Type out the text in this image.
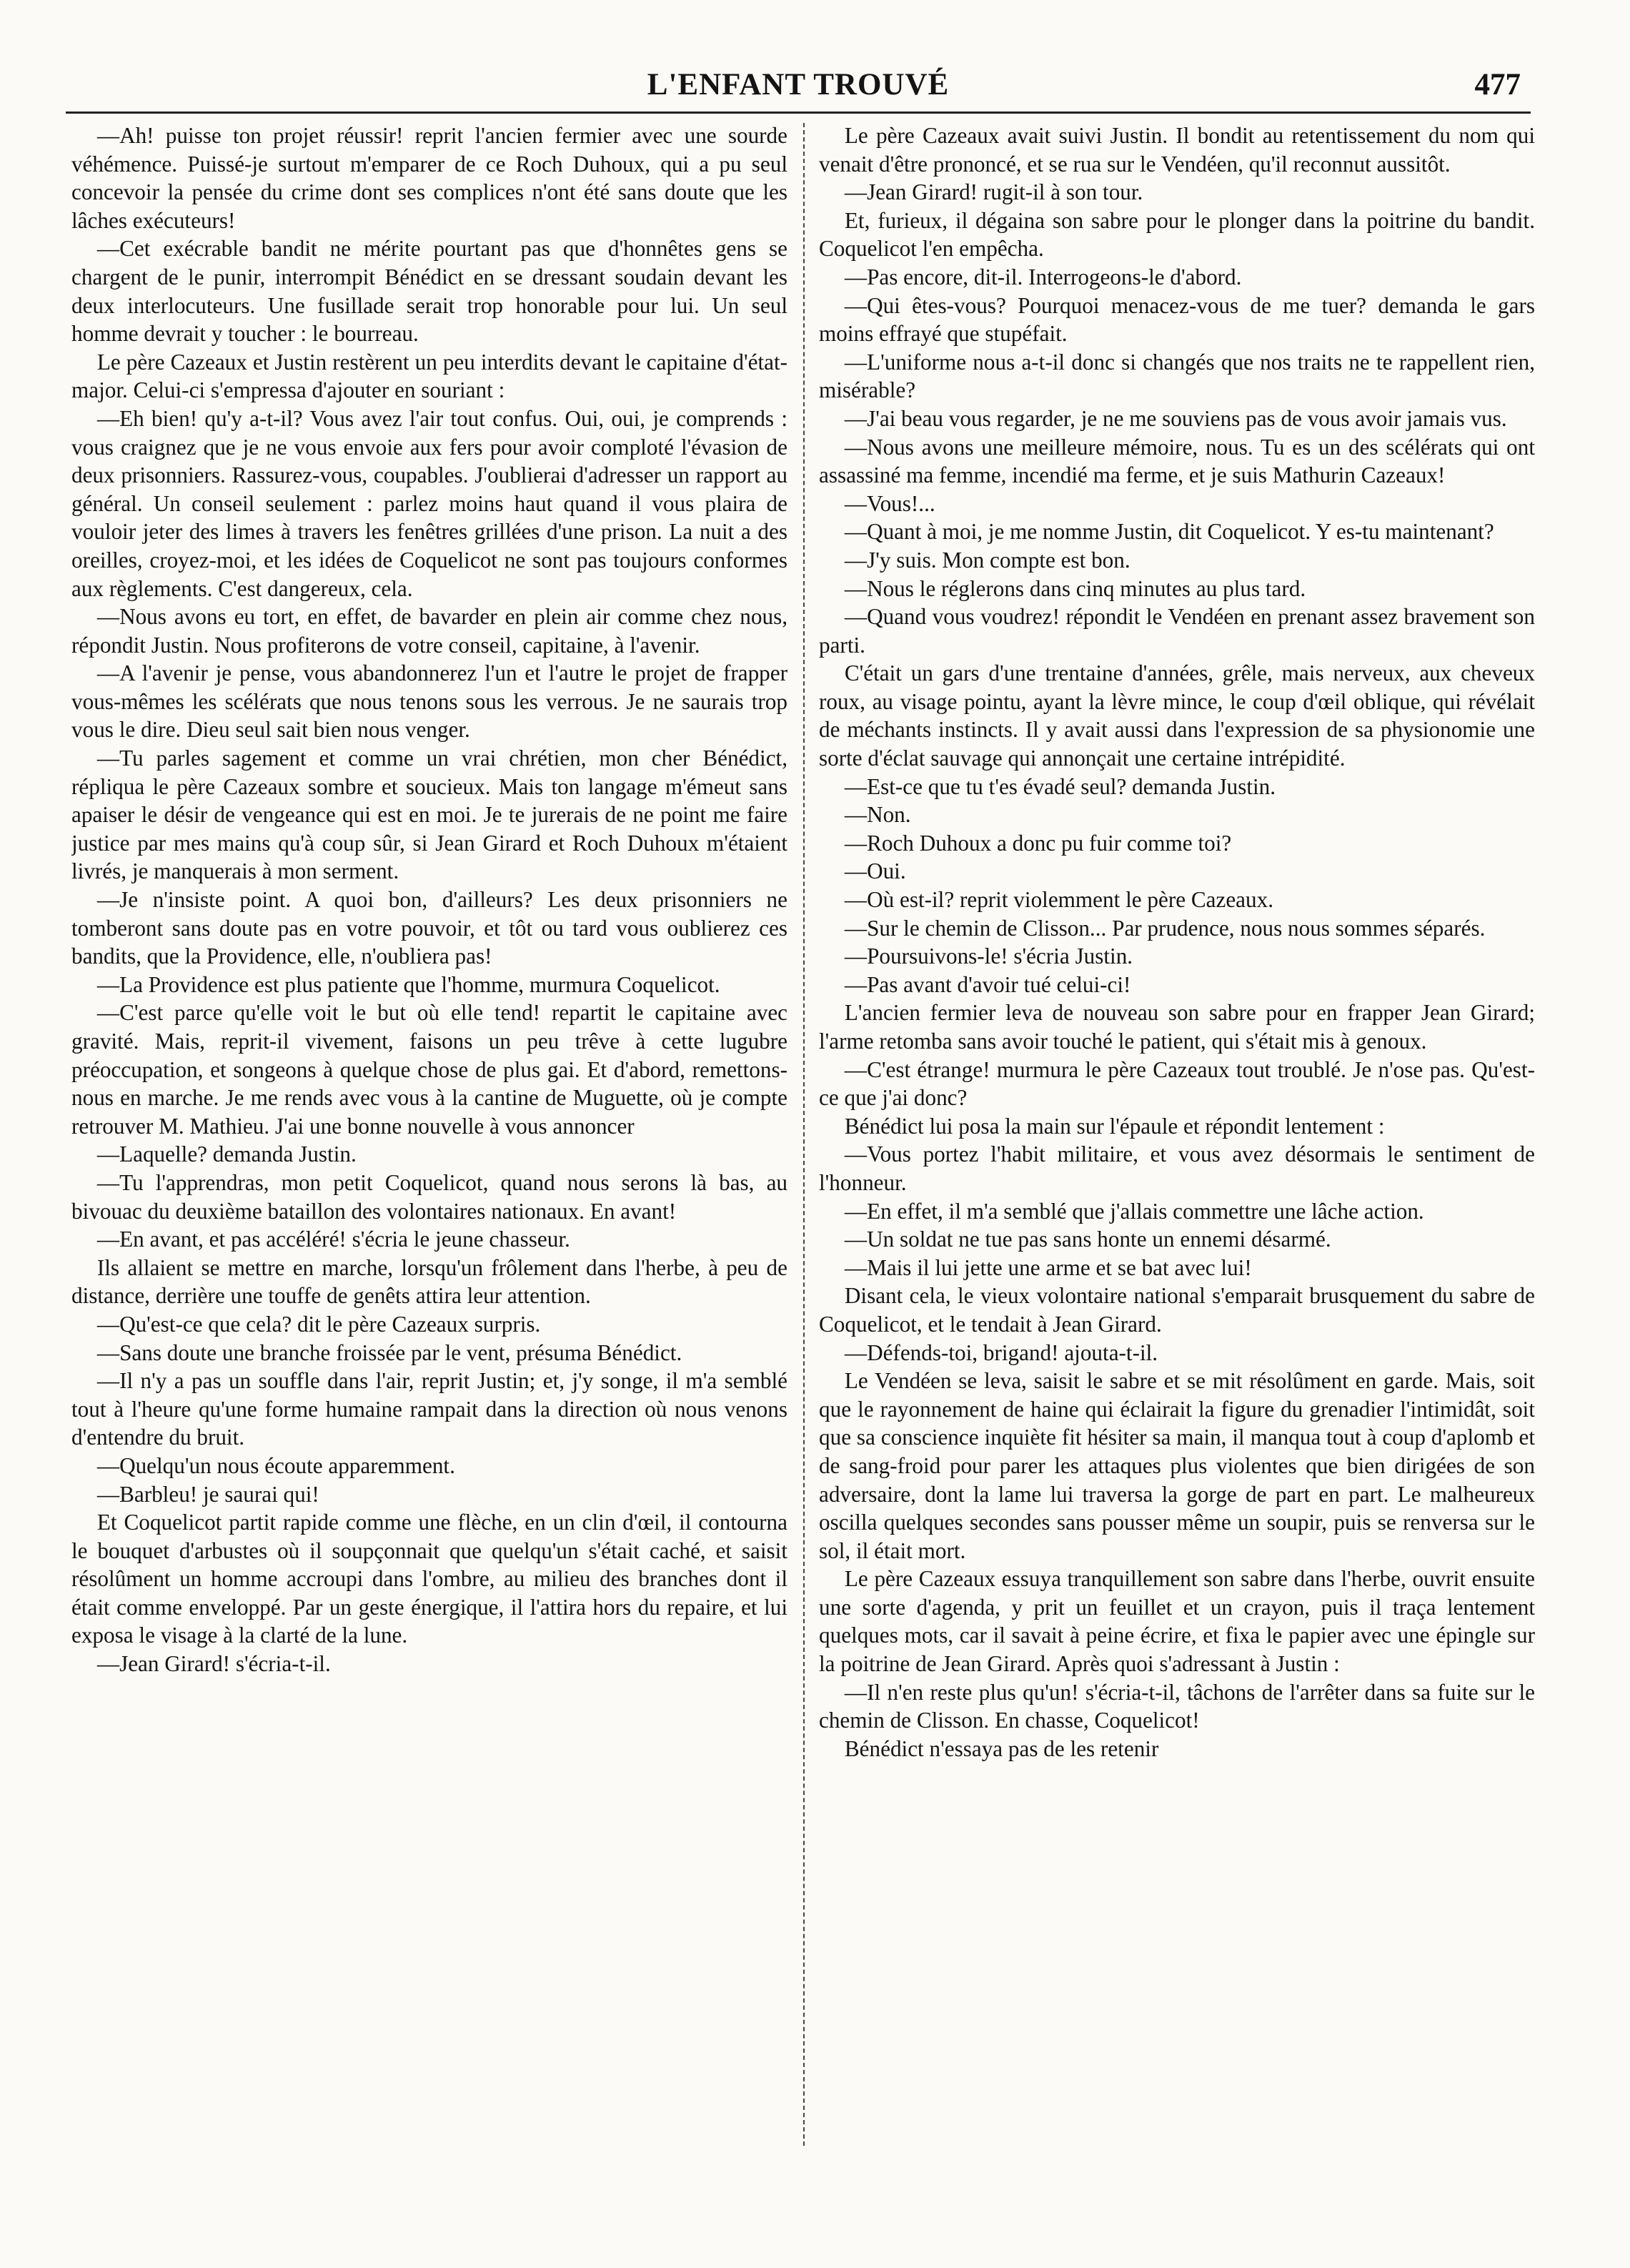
L'ENFANT TROUVÉ	477

—Ah! puisse ton projet réussir! reprit l'ancien fermier avec une sourde véhémence. Puissé-je surtout m'emparer de ce Roch Duhoux, qui a pu seul concevoir la pensée du crime dont ses complices n'ont été sans doute que les lâches exécuteurs!

—Cet exécrable bandit ne mérite pourtant pas que d'honnêtes gens se chargent de le punir, interrompit Bénédict en se dressant soudain devant les deux interlocuteurs. Une fusillade serait trop honorable pour lui. Un seul homme devrait y toucher : le bourreau.

Le père Cazeaux et Justin restèrent un peu interdits devant le capitaine d'état-major. Celui-ci s'empressa d'ajouter en souriant :

—Eh bien! qu'y a-t-il? Vous avez l'air tout confus. Oui, oui, je comprends : vous craignez que je ne vous envoie aux fers pour avoir comploté l'évasion de deux prisonniers. Rassurez-vous, coupables. J'oublierai d'adresser un rapport au général. Un conseil seulement : parlez moins haut quand il vous plaira de vouloir jeter des limes à travers les fenêtres grillées d'une prison. La nuit a des oreilles, croyez-moi, et les idées de Coquelicot ne sont pas toujours conformes aux règlements. C'est dangereux, cela.

—Nous avons eu tort, en effet, de bavarder en plein air comme chez nous, répondit Justin. Nous profiterons de votre conseil, capitaine, à l'avenir.

—A l'avenir je pense, vous abandonnerez l'un et l'autre le projet de frapper vous-mêmes les scélérats que nous tenons sous les verrous. Je ne saurais trop vous le dire. Dieu seul sait bien nous venger.

—Tu parles sagement et comme un vrai chrétien, mon cher Bénédict, répliqua le père Cazeaux sombre et soucieux. Mais ton langage m'émeut sans apaiser le désir de vengeance qui est en moi. Je te jurerais de ne point me faire justice par mes mains qu'à coup sûr, si Jean Girard et Roch Duhoux m'étaient livrés, je manquerais à mon serment.

—Je n'insiste point. A quoi bon, d'ailleurs? Les deux prisonniers ne tomberont sans doute pas en votre pouvoir, et tôt ou tard vous oublierez ces bandits, que la Providence, elle, n'oubliera pas!

—La Providence est plus patiente que l'homme, murmura Coquelicot.

—C'est parce qu'elle voit le but où elle tend! repartit le capitaine avec gravité. Mais, reprit-il vivement, faisons un peu trêve à cette lugubre préoccupation, et songeons à quelque chose de plus gai. Et d'abord, remettons-nous en marche. Je me rends avec vous à la cantine de Muguette, où je compte retrouver M. Mathieu. J'ai une bonne nouvelle à vous annoncer

—Laquelle? demanda Justin.

—Tu l'apprendras, mon petit Coquelicot, quand nous serons là bas, au bivouac du deuxième bataillon des volontaires nationaux. En avant!

—En avant, et pas accéléré! s'écria le jeune chasseur.

Ils allaient se mettre en marche, lorsqu'un frôlement dans l'herbe, à peu de distance, derrière une touffe de genêts attira leur attention.

—Qu'est-ce que cela? dit le père Cazeaux surpris.

—Sans doute une branche froissée par le vent, présuma Bénédict.

—Il n'y a pas un souffle dans l'air, reprit Justin; et, j'y songe, il m'a semblé tout à l'heure qu'une forme humaine rampait dans la direction où nous venons d'entendre du bruit.

—Quelqu'un nous écoute apparemment.

—Barbleu! je saurai qui!

Et Coquelicot partit rapide comme une flèche, en un clin d'œil, il contourna le bouquet d'arbustes où il soupçonnait que quelqu'un s'était caché, et saisit résolûment un homme accroupi dans l'ombre, au milieu des branches dont il était comme enveloppé. Par un geste énergique, il l'attira hors du repaire, et lui exposa le visage à la clarté de la lune.

—Jean Girard! s'écria-t-il.

Le père Cazeaux avait suivi Justin. Il bondit au retentissement du nom qui venait d'être prononcé, et se rua sur le Vendéen, qu'il reconnut aussitôt.

—Jean Girard! rugit-il à son tour.

Et, furieux, il dégaina son sabre pour le plonger dans la poitrine du bandit. Coquelicot l'en empêcha.

—Pas encore, dit-il. Interrogeons-le d'abord.

—Qui êtes-vous? Pourquoi menacez-vous de me tuer? demanda le gars moins effrayé que stupéfait.

—L'uniforme nous a-t-il donc si changés que nos traits ne te rappellent rien, misérable?

—J'ai beau vous regarder, je ne me souviens pas de vous avoir jamais vus.

—Nous avons une meilleure mémoire, nous. Tu es un des scélérats qui ont assassiné ma femme, incendié ma ferme, et je suis Mathurin Cazeaux!

—Vous!...

—Quant à moi, je me nomme Justin, dit Coquelicot. Y es-tu maintenant?

—J'y suis. Mon compte est bon.

—Nous le réglerons dans cinq minutes au plus tard.

—Quand vous voudrez! répondit le Vendéen en prenant assez bravement son parti.

C'était un gars d'une trentaine d'années, grêle, mais nerveux, aux cheveux roux, au visage pointu, ayant la lèvre mince, le coup d'œil oblique, qui révélait de méchants instincts. Il y avait aussi dans l'expression de sa physionomie une sorte d'éclat sauvage qui annonçait une certaine intrépidité.

—Est-ce que tu t'es évadé seul? demanda Justin.

—Non.

—Roch Duhoux a donc pu fuir comme toi?

—Oui.

—Où est-il? reprit violemment le père Cazeaux.

—Sur le chemin de Clisson... Par prudence, nous nous sommes séparés.

—Poursuivons-le! s'écria Justin.

—Pas avant d'avoir tué celui-ci!

L'ancien fermier leva de nouveau son sabre pour en frapper Jean Girard; l'arme retomba sans avoir touché le patient, qui s'était mis à genoux.

—C'est étrange! murmura le père Cazeaux tout troublé. Je n'ose pas. Qu'est-ce que j'ai donc?

Bénédict lui posa la main sur l'épaule et répondit lentement :

—Vous portez l'habit militaire, et vous avez désormais le sentiment de l'honneur.

—En effet, il m'a semblé que j'allais commettre une lâche action.

—Un soldat ne tue pas sans honte un ennemi désarmé.

—Mais il lui jette une arme et se bat avec lui!

Disant cela, le vieux volontaire national s'emparait brusquement du sabre de Coquelicot, et le tendait à Jean Girard.

—Défends-toi, brigand! ajouta-t-il.

Le Vendéen se leva, saisit le sabre et se mit résolûment en garde. Mais, soit que le rayonnement de haine qui éclairait la figure du grenadier l'intimidât, soit que sa conscience inquiète fit hésiter sa main, il manqua tout à coup d'aplomb et de sang-froid pour parer les attaques plus violentes que bien dirigées de son adversaire, dont la lame lui traversa la gorge de part en part. Le malheureux oscilla quelques secondes sans pousser même un soupir, puis se renversa sur le sol, il était mort.

Le père Cazeaux essuya tranquillement son sabre dans l'herbe, ouvrit ensuite une sorte d'agenda, y prit un feuillet et un crayon, puis il traça lentement quelques mots, car il savait à peine écrire, et fixa le papier avec une épingle sur la poitrine de Jean Girard. Après quoi s'adressant à Justin :

—Il n'en reste plus qu'un! s'écria-t-il, tâchons de l'arrêter dans sa fuite sur le chemin de Clisson. En chasse, Coquelicot!

Bénédict n'essaya pas de les retenir
